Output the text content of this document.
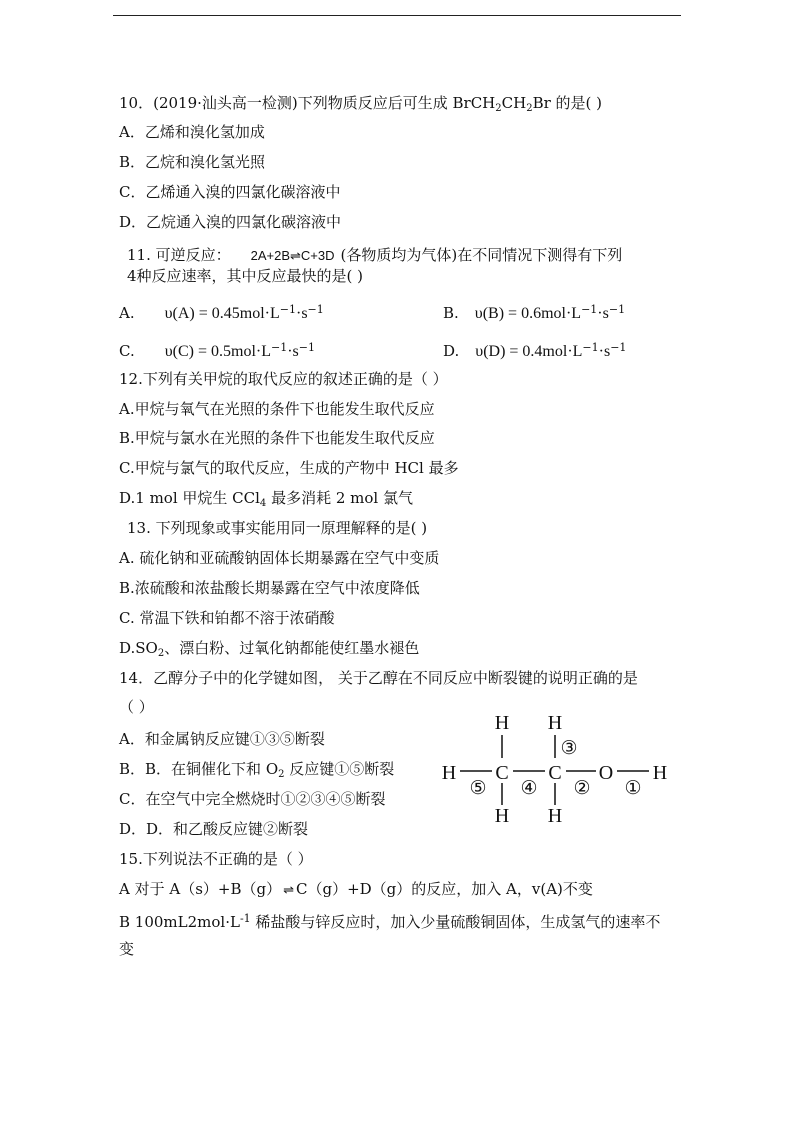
10．(2019·汕头高一检测)下列物质反应后可生成 $BrCH_2CH_2Br$ 的是( )
A．乙烯和溴化氢加成
B．乙烷和溴化氢光照
C．乙烯通入溴的四氯化碳溶液中
D．乙烷通入溴的四氯化碳溶液中
11. 可逆反应： 2A+2B⇌C+3D (各物质均为气体)在不同情况下测得有下列
4种反应速率，其中反应最快的是( )
A. $\upsilon(A) = 0.45mol\cdot L^{-1}\cdot s^{-1}$	B. $\upsilon(B) = 0.6mol\cdot L^{-1}\cdot s^{-1}$
C. $\upsilon(C) = 0.5mol\cdot L^{-1}\cdot s^{-1}$	D. $\upsilon(D) = 0.4mol\cdot L^{-1}\cdot s^{-1}$
12.下列有关甲烷的取代反应的叙述正确的是（ ）
A.甲烷与氧气在光照的条件下也能发生取代反应
B.甲烷与氯水在光照的条件下也能发生取代反应
C.甲烷与氯气的取代反应，生成的产物中 HCl 最多
D.1 mol 甲烷生 CCl$_4$ 最多消耗 2 mol 氯气
13. 下列现象或事实能用同一原理解释的是( )
A. 硫化钠和亚硫酸钠固体长期暴露在空气中变质
B.浓硫酸和浓盐酸长期暴露在空气中浓度降低
C. 常温下铁和铂都不溶于浓硝酸
$D.SO_2$、漂白粉、过氧化钠都能使红墨水褪色
14．乙醇分子中的化学键如图， 关于乙醇在不同反应中断裂键的说明正确的是
（ ）
A．和金属钠反应键①③⑤断裂
B．B．在铜催化下和 $O_2$ 反应键①⑤断裂
C．在空气中完全燃烧时①②③④⑤断裂
D．D．和乙酸反应键②断裂
H H
H C C O H
H H
⑤ ④
③
② ①
15.下列说法不正确的是（ ）
A 对于 A（s）+B（g） ⇌ C（g）+D（g）的反应，加入 A，v(A)不变
B $100mL2mol\cdot L^{-1}$ 稀盐酸与锌反应时，加入少量硫酸铜固体，生成氢气的速率不
变
